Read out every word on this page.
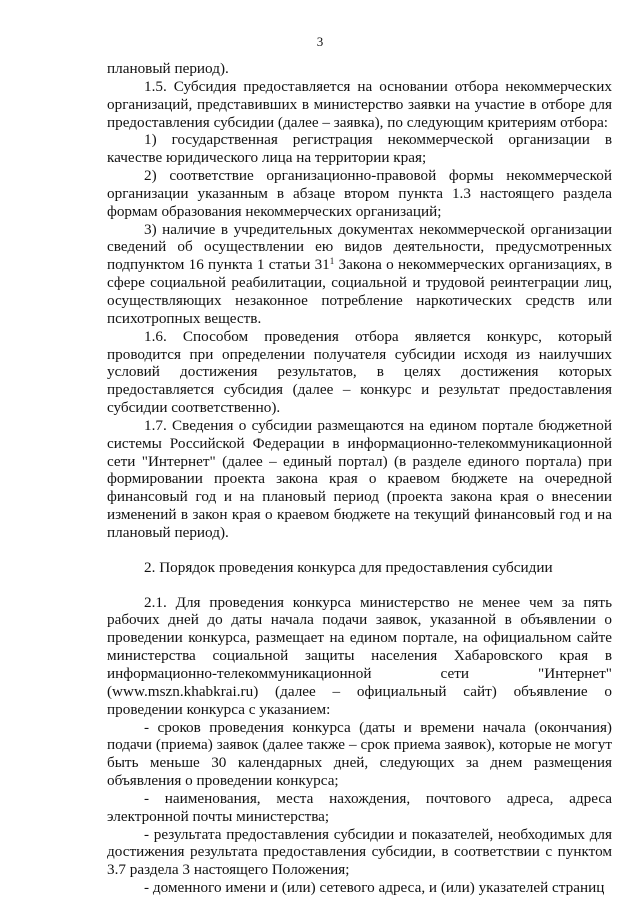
3

плановый период).

1.5. Субсидия предоставляется на основании отбора некоммерческих организаций, представивших в министерство заявки на участие в отборе для предоставления субсидии (далее – заявка), по следующим критериям отбора:

1) государственная регистрация некоммерческой организации в качестве юридического лица на территории края;

2) соответствие организационно-правовой формы некоммерческой организации указанным в абзаце втором пункта 1.3 настоящего раздела формам образования некоммерческих организаций;

3) наличие в учредительных документах некоммерческой организации сведений об осуществлении ею видов деятельности, предусмотренных подпунктом 16 пункта 1 статьи $31^1$ Закона о некоммерческих организациях, в сфере социальной реабилитации, социальной и трудовой реинтеграции лиц, осуществляющих незаконное потребление наркотических средств или психотропных веществ.

1.6. Способом проведения отбора является конкурс, который проводится при определении получателя субсидии исходя из наилучших условий достижения результатов, в целях достижения которых предоставляется субсидия (далее – конкурс и результат предоставления субсидии соответственно).

1.7. Сведения о субсидии размещаются на едином портале бюджетной системы Российской Федерации в информационно-телекоммуникационной сети "Интернет" (далее – единый портал) (в разделе единого портала) при формировании проекта закона края о краевом бюджете на очередной финансовый год и на плановый период (проекта закона края о внесении изменений в закон края о краевом бюджете на текущий финансовый год и на плановый период).

2. Порядок проведения конкурса для предоставления субсидии

2.1. Для проведения конкурса министерство не менее чем за пять рабочих дней до даты начала подачи заявок, указанной в объявлении о проведении конкурса, размещает на едином портале, на официальном сайте министерства социальной защиты населения Хабаровского края в информационно-телекоммуникационной сети "Интернет" (www.mszn.khabkrai.ru) (далее – официальный сайт) объявление о проведении конкурса с указанием:

- сроков проведения конкурса (даты и времени начала (окончания) подачи (приема) заявок (далее также – срок приема заявок), которые не могут быть меньше 30 календарных дней, следующих за днем размещения объявления о проведении конкурса;

- наименования, места нахождения, почтового адреса, адреса электронной почты министерства;

- результата предоставления субсидии и показателей, необходимых для достижения результата предоставления субсидии, в соответствии с пунктом 3.7 раздела 3 настоящего Положения;

- доменного имени и (или) сетевого адреса, и (или) указателей страниц
